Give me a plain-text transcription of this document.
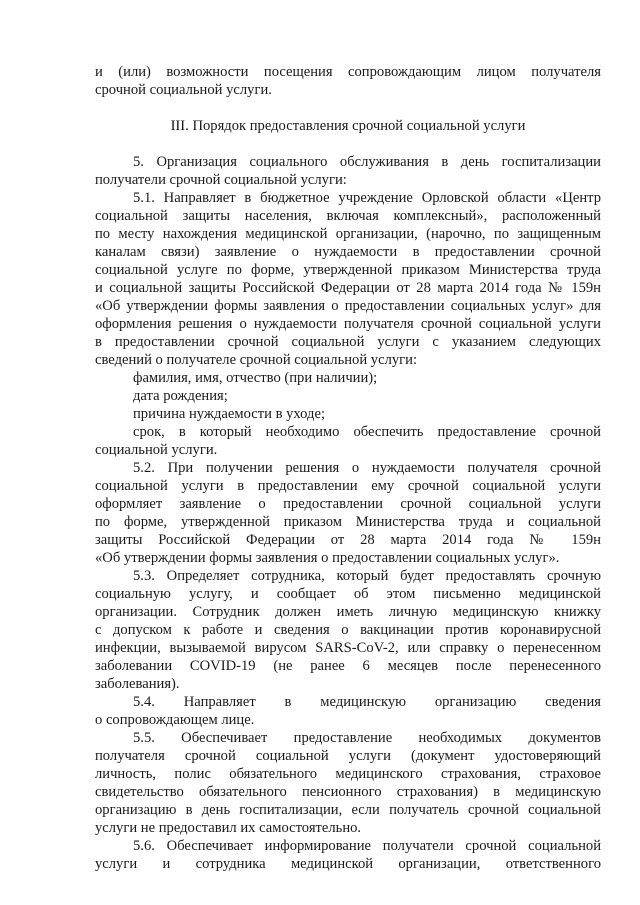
и (или) возможности посещения сопровождающим лицом получателя
срочной социальной услуги.
III. Порядок предоставления срочной социальной услуги
5. Организация социального обслуживания в день госпитализации
получатели срочной социальной услуги:
5.1. Направляет в бюджетное учреждение Орловской области «Центр
социальной защиты населения, включая комплексный», расположенный
по месту нахождения медицинской организации, (нарочно, по защищенным
каналам связи) заявление о нуждаемости в предоставлении срочной
социальной услуге по форме, утвержденной приказом Министерства труда
и социальной защиты Российской Федерации от 28 марта 2014 года № 159н
«Об утверждении формы заявления о предоставлении социальных услуг» для
оформления решения о нуждаемости получателя срочной социальной услуги
в предоставлении срочной социальной услуги с указанием следующих
сведений о получателе срочной социальной услуги:
фамилия, имя, отчество (при наличии);
дата рождения;
причина нуждаемости в уходе;
срок, в который необходимо обеспечить предоставление срочной
социальной услуги.
5.2. При получении решения о нуждаемости получателя срочной
социальной услуги в предоставлении ему срочной социальной услуги
оформляет заявление о предоставлении срочной социальной услуги
по форме, утвержденной приказом Министерства труда и социальной
защиты Российской Федерации от 28 марта 2014 года № 159н
«Об утверждении формы заявления о предоставлении социальных услуг».
5.3. Определяет сотрудника, который будет предоставлять срочную
социальную услугу, и сообщает об этом письменно медицинской
организации. Сотрудник должен иметь личную медицинскую книжку
с допуском к работе и сведения о вакцинации против коронавирусной
инфекции, вызываемой вирусом SARS-CoV-2, или справку о перенесенном
заболевании COVID-19 (не ранее 6 месяцев после перенесенного
заболевания).
5.4. Направляет в медицинскую организацию сведения
о сопровождающем лице.
5.5. Обеспечивает предоставление необходимых документов
получателя срочной социальной услуги (документ удостоверяющий
личность, полис обязательного медицинского страхования, страховое
свидетельство обязательного пенсионного страхования) в медицинскую
организацию в день госпитализации, если получатель срочной социальной
услуги не предоставил их самостоятельно.
5.6. Обеспечивает информирование получатели срочной социальной
услуги и сотрудника медицинской организации, ответственного
